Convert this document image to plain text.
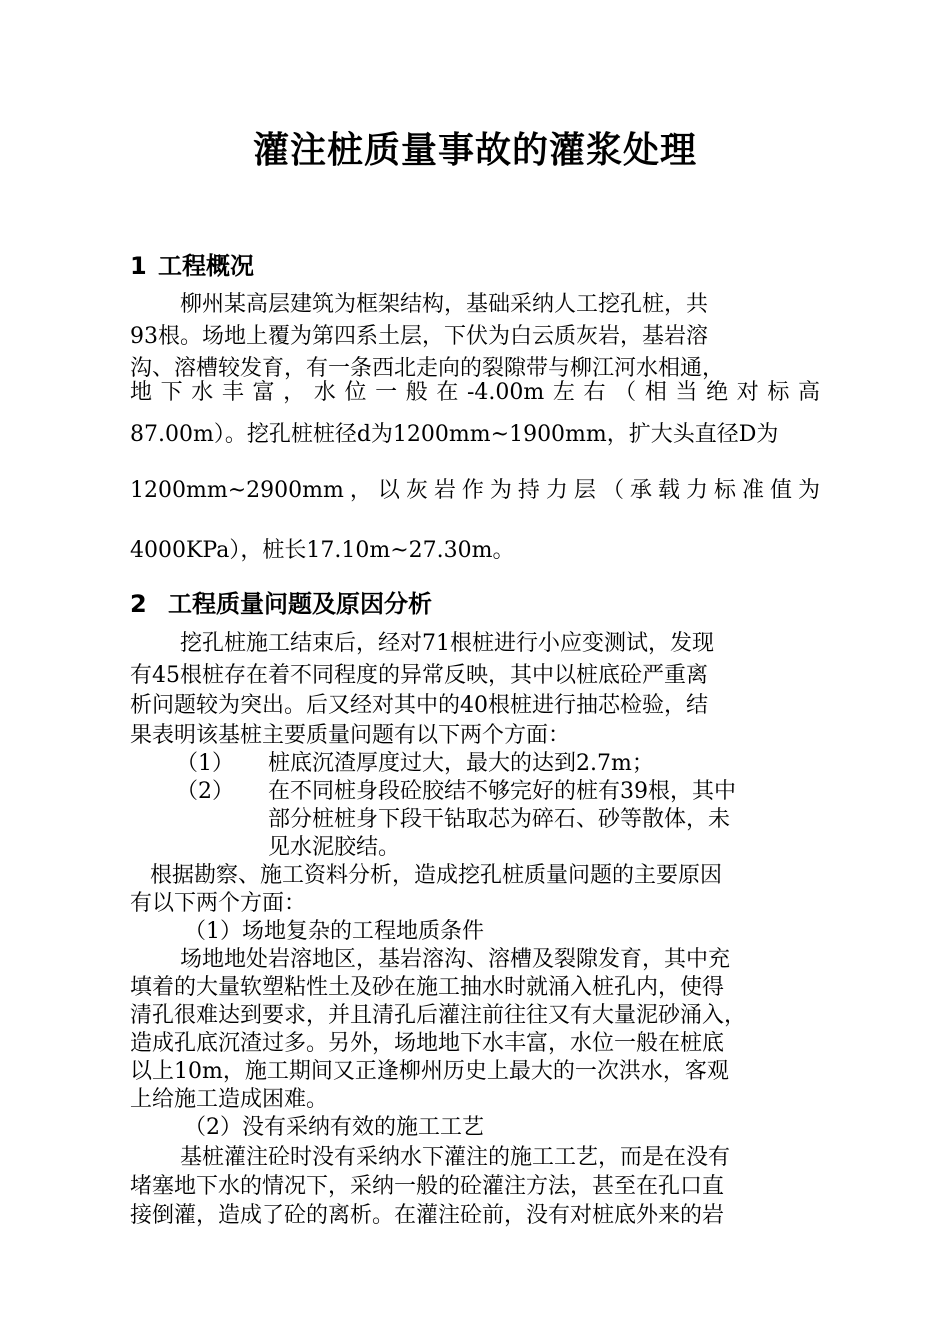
灌注桩质量事故的灌浆处理
1 工程概况
柳州某高层建筑为框架结构，基础采纳人工挖孔桩，共
93根。场地上覆为第四系土层，下伏为白云质灰岩，基岩溶
沟、溶槽较发育，有一条西北走向的裂隙带与柳江河水相通，
地下水丰富，水位一般在-4.00m左右（相当绝对标高
87.00m）。挖孔桩桩径d为1200mm~1900mm，扩大头直径D为
1200mm~2900mm，以灰岩作为持力层（承载力标准值为
4000KPa），桩长17.10m~27.30m。
2 工程质量问题及原因分析
挖孔桩施工结束后，经对71根桩进行小应变测试，发现
有45根桩存在着不同程度的异常反映，其中以桩底砼严重离
析问题较为突出。后又经对其中的40根桩进行抽芯检验，结
果表明该基桩主要质量问题有以下两个方面：
（1） 桩底沉渣厚度过大，最大的达到2.7m；
（2） 在不同桩身段砼胶结不够完好的桩有39根，其中
部分桩桩身下段干钻取芯为碎石、砂等散体，未
见水泥胶结。
根据勘察、施工资料分析，造成挖孔桩质量问题的主要原因
有以下两个方面：
（1）场地复杂的工程地质条件
场地地处岩溶地区，基岩溶沟、溶槽及裂隙发育，其中充
填着的大量软塑粘性土及砂在施工抽水时就涌入桩孔内，使得
清孔很难达到要求，并且清孔后灌注前往往又有大量泥砂涌入，
造成孔底沉渣过多。另外，场地地下水丰富，水位一般在桩底
以上10m，施工期间又正逢柳州历史上最大的一次洪水，客观
上给施工造成困难。
（2）没有采纳有效的施工工艺
基桩灌注砼时没有采纳水下灌注的施工工艺，而是在没有
堵塞地下水的情况下，采纳一般的砼灌注方法，甚至在孔口直
接倒灌，造成了砼的离析。在灌注砼前，没有对桩底外来的岩
